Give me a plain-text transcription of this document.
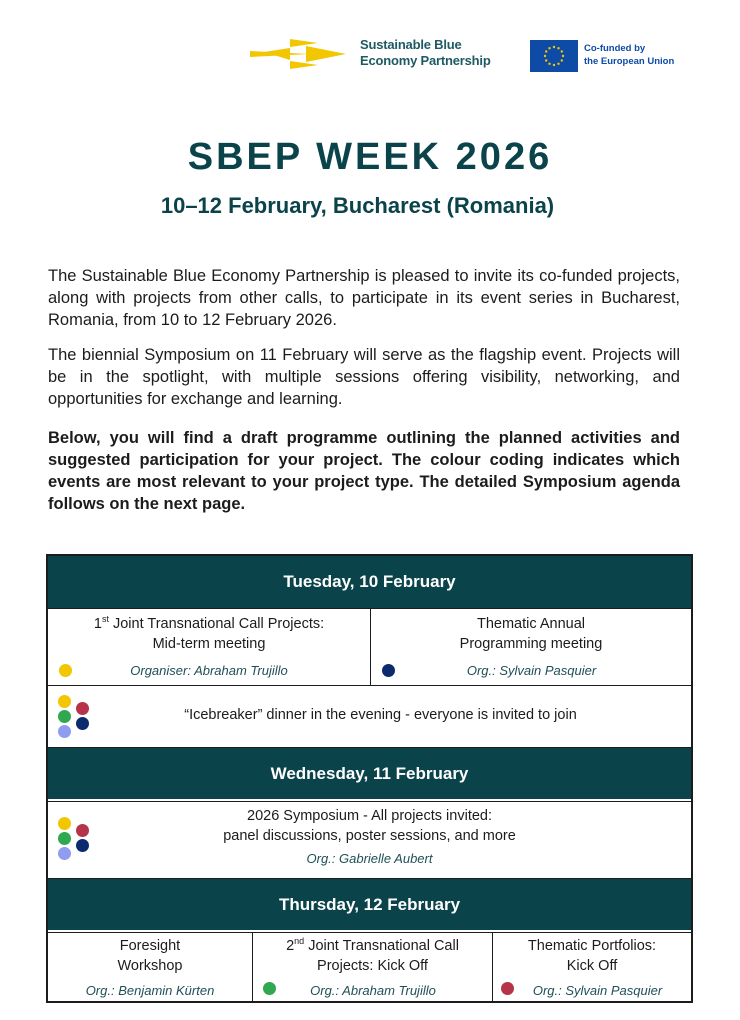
Sustainable Blue
Economy Partnership
Co-funded by
the European Union
SBEP WEEK 2026
10–12 February, Bucharest (Romania)

The Sustainable Blue Economy Partnership is pleased to invite its co-funded projects, along with projects from other calls, to participate in its event series in Bucharest, Romania, from 10 to 12 February 2026.

The biennial Symposium on 11 February will serve as the flagship event. Projects will be in the spotlight, with multiple sessions offering visibility, networking, and opportunities for exchange and learning.

Below, you will find a draft programme outlining the planned activities and suggested participation for your project. The colour coding indicates which events are most relevant to your project type. The detailed Symposium agenda follows on the next page.

Tuesday, 10 February
1st Joint Transnational Call Projects:
Mid-term meeting
Organiser: Abraham Trujillo
Thematic Annual
Programming meeting
Org.: Sylvain Pasquier
“Icebreaker” dinner in the evening - everyone is invited to join
Wednesday, 11 February
2026 Symposium - All projects invited:
panel discussions, poster sessions, and more
Org.: Gabrielle Aubert
Thursday, 12 February
Foresight
Workshop
Org.: Benjamin Kürten
2nd Joint Transnational Call
Projects: Kick Off
Org.: Abraham Trujillo
Thematic Portfolios:
Kick Off
Org.: Sylvain Pasquier
